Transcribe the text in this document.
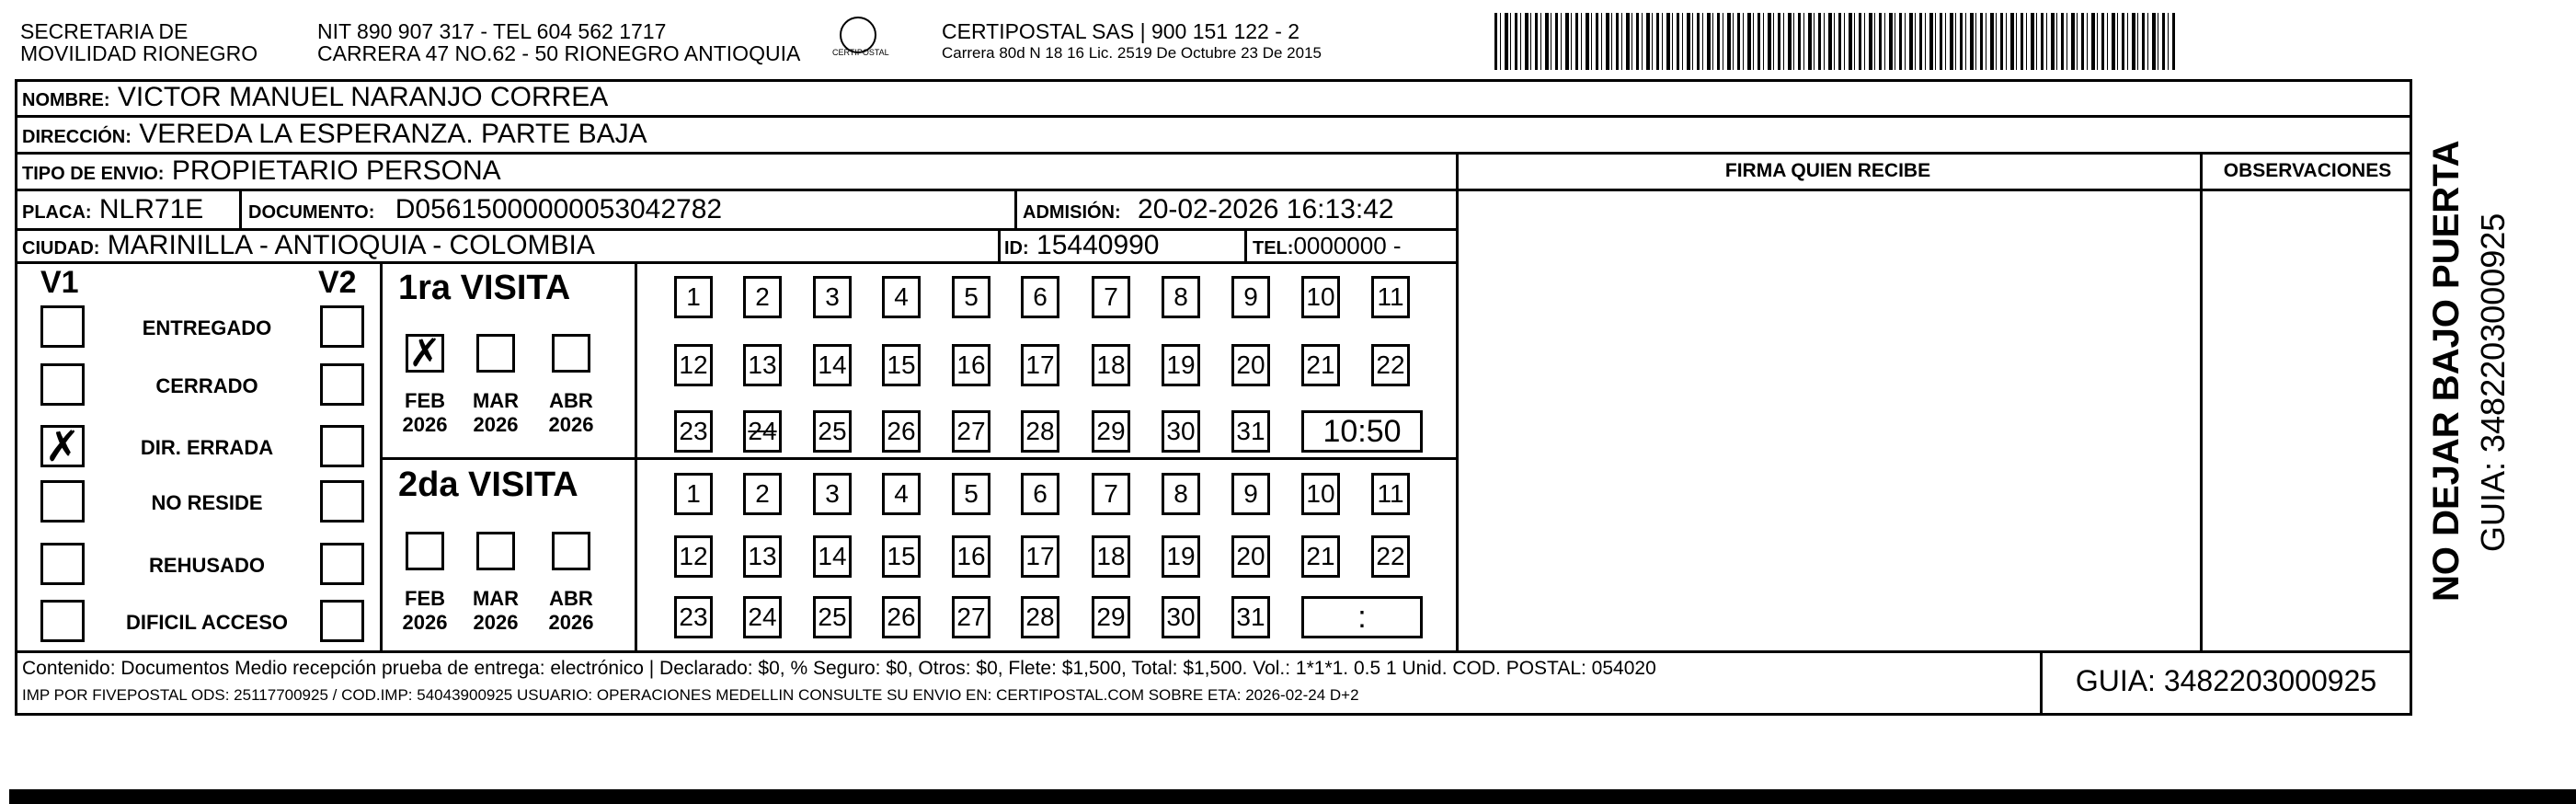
SECRETARIA DE
MOVILIDAD RIONEGRO
NIT 890 907 317 - TEL 604 562 1717
CARRERA 47 NO.62 - 50 RIONEGRO ANTIOQUIA	CERTIPOSTAL
CERTIPOSTAL SAS | 900 151 122 - 2
Carrera 80d N 18 16 Lic. 2519 De Octubre 23 De 2015
NOMBRE: VICTOR MANUEL NARANJO CORREA
DIRECCIÓN: VEREDA LA ESPERANZA. PARTE BAJA
TIPO DE ENVIO: PROPIETARIO PERSONA	FIRMA QUIEN RECIBE	OBSERVACIONES
PLACA: NLR71E DOCUMENTO: D05615000000053042782	ADMISIÓN: 20-02-2026 16:13:42
CIUDAD: MARINILLA - ANTIOQUIA - COLOMBIA	ID: 15440990	TEL:0000000 -
V1	V2
ENTREGADO
CERRADO
✗	DIR. ERRADA
NO RESIDE
REHUSADO
DIFICIL ACCESO
1ra VISITA
2da VISITA
✗
FEB
2026
MAR
2026
ABR
2026
FEB
2026
MAR
2026
ABR
2026
1	2	3	4	5	6	7	8	9	10 11
12 13 14 15 16 17 18 19 20 21 22
23 24 25 26 27 28 29 30 31	10:50
1	2	3	4	5	6	7	8	9	10 11
12 13 14 15 16 17 18 19 20 21 22
23 24 25 26 27 28 29 30 31	:
Contenido: Documentos Medio recepción prueba de entrega: electrónico | Declarado: $0, % Seguro: $0, Otros: $0, Flete: $1,500, Total: $1,500. Vol.: 1*1*1. 0.5 1 Unid. COD. POSTAL: 054020
IMP POR FIVEPOSTAL ODS: 25117700925 / COD.IMP: 54043900925 USUARIO: OPERACIONES MEDELLIN CONSULTE SU ENVIO EN: CERTIPOSTAL.COM SOBRE ETA: 2026-02-24 D+2	GUIA: 3482203000925
NO DEJAR BAJO PUERTA GUIA: 3482203000925
